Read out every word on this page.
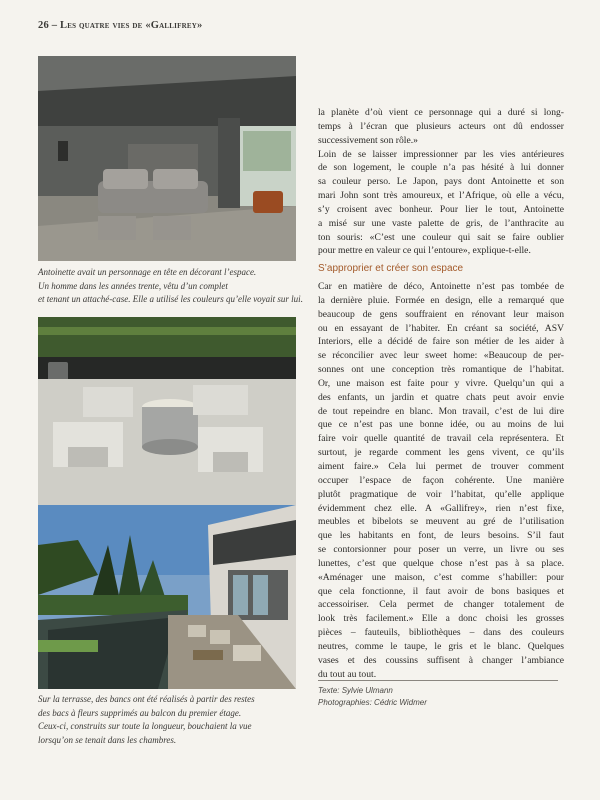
26 – Les quatre vies de «Gallifrey»
Antoinette avait un personnage en tête en décorant l’espace.
Un homme dans les années trente, vêtu d’un complet
et tenant un attaché-case. Elle a utilisé les couleurs qu’elle voyait sur lui.
Sur la terrasse, des bancs ont été réalisés à partir des restes
des bacs à fleurs supprimés au balcon du premier étage.
Ceux-ci, construits sur toute la longueur, bouchaient la vue
lorsqu’on se tenait dans les chambres.
la planète d’où vient ce personnage qui a duré si long-
temps à l’écran que plusieurs acteurs ont dû endosser
successivement son rôle.»
Loin de se laisser impressionner par les vies antérieures
de son logement, le couple n’a pas hésité à lui donner
sa couleur perso. Le Japon, pays dont Antoinette et son
mari John sont très amoureux, et l’Afrique, où elle a vécu,
s’y croisent avec bonheur. Pour lier le tout, Antoinette
a misé sur une vaste palette de gris, de l’anthracite au
ton souris: «C’est une couleur qui sait se faire oublier
pour mettre en valeur ce qui l’entoure», explique-t-elle.
S’approprier et créer son espace
Car en matière de déco, Antoinette n’est pas tombée de
la dernière pluie. Formée en design, elle a remarqué que
beaucoup de gens souffraient en rénovant leur maison
ou en essayant de l’habiter. En créant sa société, ASV
Interiors, elle a décidé de faire son métier de les aider à
se réconcilier avec leur sweet home: «Beaucoup de per-
sonnes ont une conception très romantique de l’habitat.
Or, une maison est faite pour y vivre. Quelqu’un qui a
des enfants, un jardin et quatre chats peut avoir envie
de tout repeindre en blanc. Mon travail, c’est de lui dire
que ce n’est pas une bonne idée, ou au moins de lui
faire voir quelle quantité de travail cela représentera. Et
surtout, je regarde comment les gens vivent, ce qu’ils
aiment faire.» Cela lui permet de trouver comment
occuper l’espace de façon cohérente. Une manière
plutôt pragmatique de voir l’habitat, qu’elle applique
évidemment chez elle. A «Gallifrey», rien n’est fixe,
meubles et bibelots se meuvent au gré de l’utilisation
que les habitants en font, de leurs besoins. S’il faut
se contorsionner pour poser un verre, un livre ou ses
lunettes, c’est que quelque chose n’est pas à sa place.
«Aménager une maison, c’est comme s’habiller: pour
que cela fonctionne, il faut avoir de bons basiques et
accessoiriser. Cela permet de changer totalement de
look très facilement.» Elle a donc choisi les grosses
pièces – fauteuils, bibliothèques – dans des couleurs
neutres, comme le taupe, le gris et le blanc. Quelques
vases et des coussins suffisent à changer l’ambiance
du tout au tout.
Texte: Sylvie Ulmann
Photographies: Cédric Widmer
